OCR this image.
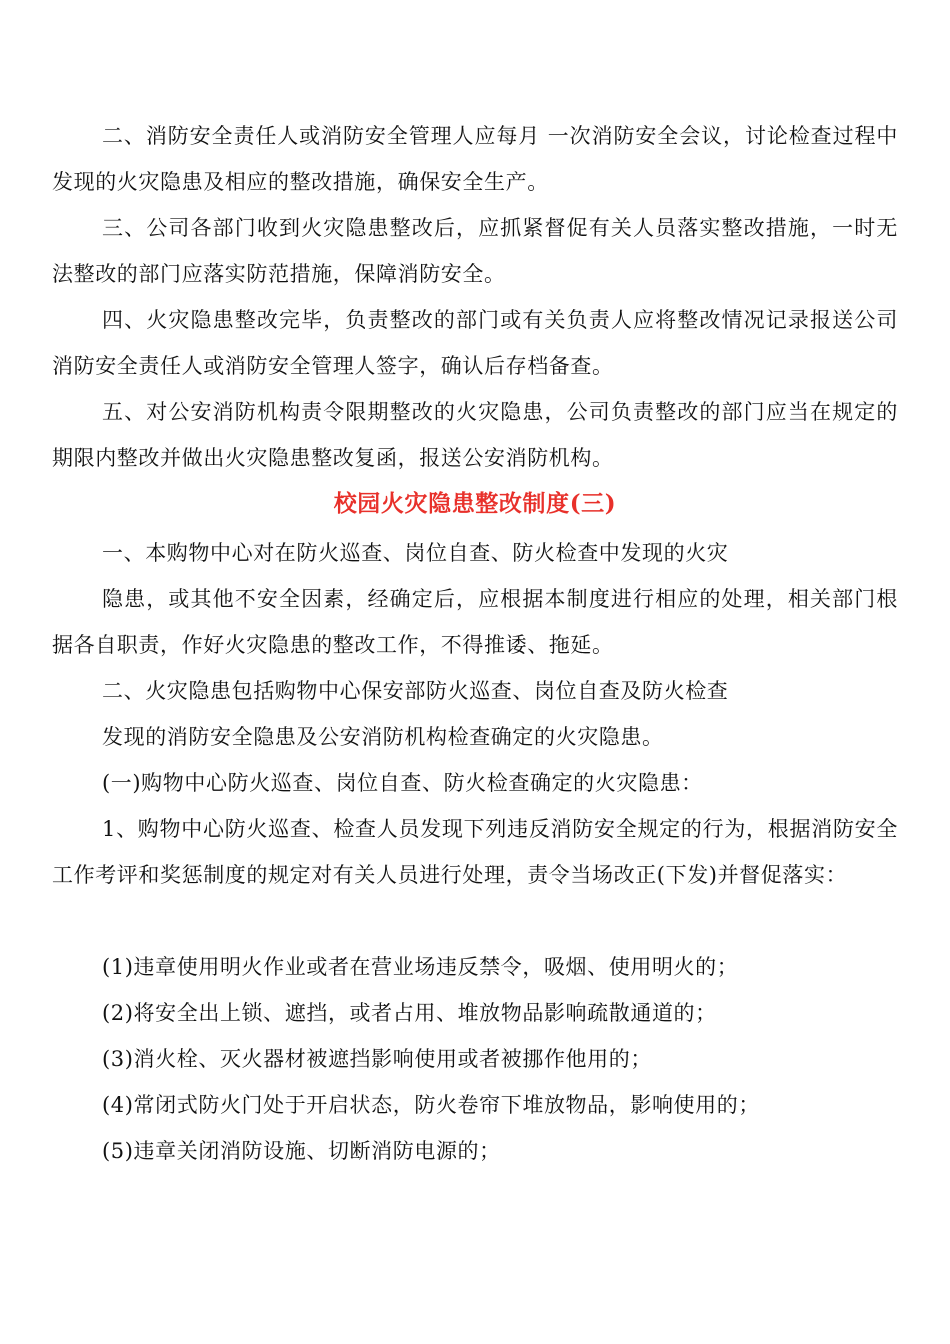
二、消防安全责任人或消防安全管理人应每月 一次消防安全会议，讨论检查过程中发现的火灾隐患及相应的整改措施，确保安全生产。

三、公司各部门收到火灾隐患整改后，应抓紧督促有关人员落实整改措施，一时无法整改的部门应落实防范措施，保障消防安全。

四、火灾隐患整改完毕，负责整改的部门或有关负责人应将整改情况记录报送公司消防安全责任人或消防安全管理人签字，确认后存档备查。

五、对公安消防机构责令限期整改的火灾隐患，公司负责整改的部门应当在规定的期限内整改并做出火灾隐患整改复函，报送公安消防机构。

校园火灾隐患整改制度(三)

一、本购物中心对在防火巡查、岗位自查、防火检查中发现的火灾

隐患，或其他不安全因素，经确定后，应根据本制度进行相应的处理，相关部门根据各自职责，作好火灾隐患的整改工作，不得推诿、拖延。

二、火灾隐患包括购物中心保安部防火巡查、岗位自查及防火检查

发现的消防安全隐患及公安消防机构检查确定的火灾隐患。

(一)购物中心防火巡查、岗位自查、防火检查确定的火灾隐患：

1、购物中心防火巡查、检查人员发现下列违反消防安全规定的行为，根据消防安全工作考评和奖惩制度的规定对有关人员进行处理，责令当场改正(下发)并督促落实：

(1)违章使用明火作业或者在营业场违反禁令，吸烟、使用明火的；

(2)将安全出上锁、遮挡，或者占用、堆放物品影响疏散通道的；

(3)消火栓、灭火器材被遮挡影响使用或者被挪作他用的；

(4)常闭式防火门处于开启状态，防火卷帘下堆放物品，影响使用的；

(5)违章关闭消防设施、切断消防电源的；
